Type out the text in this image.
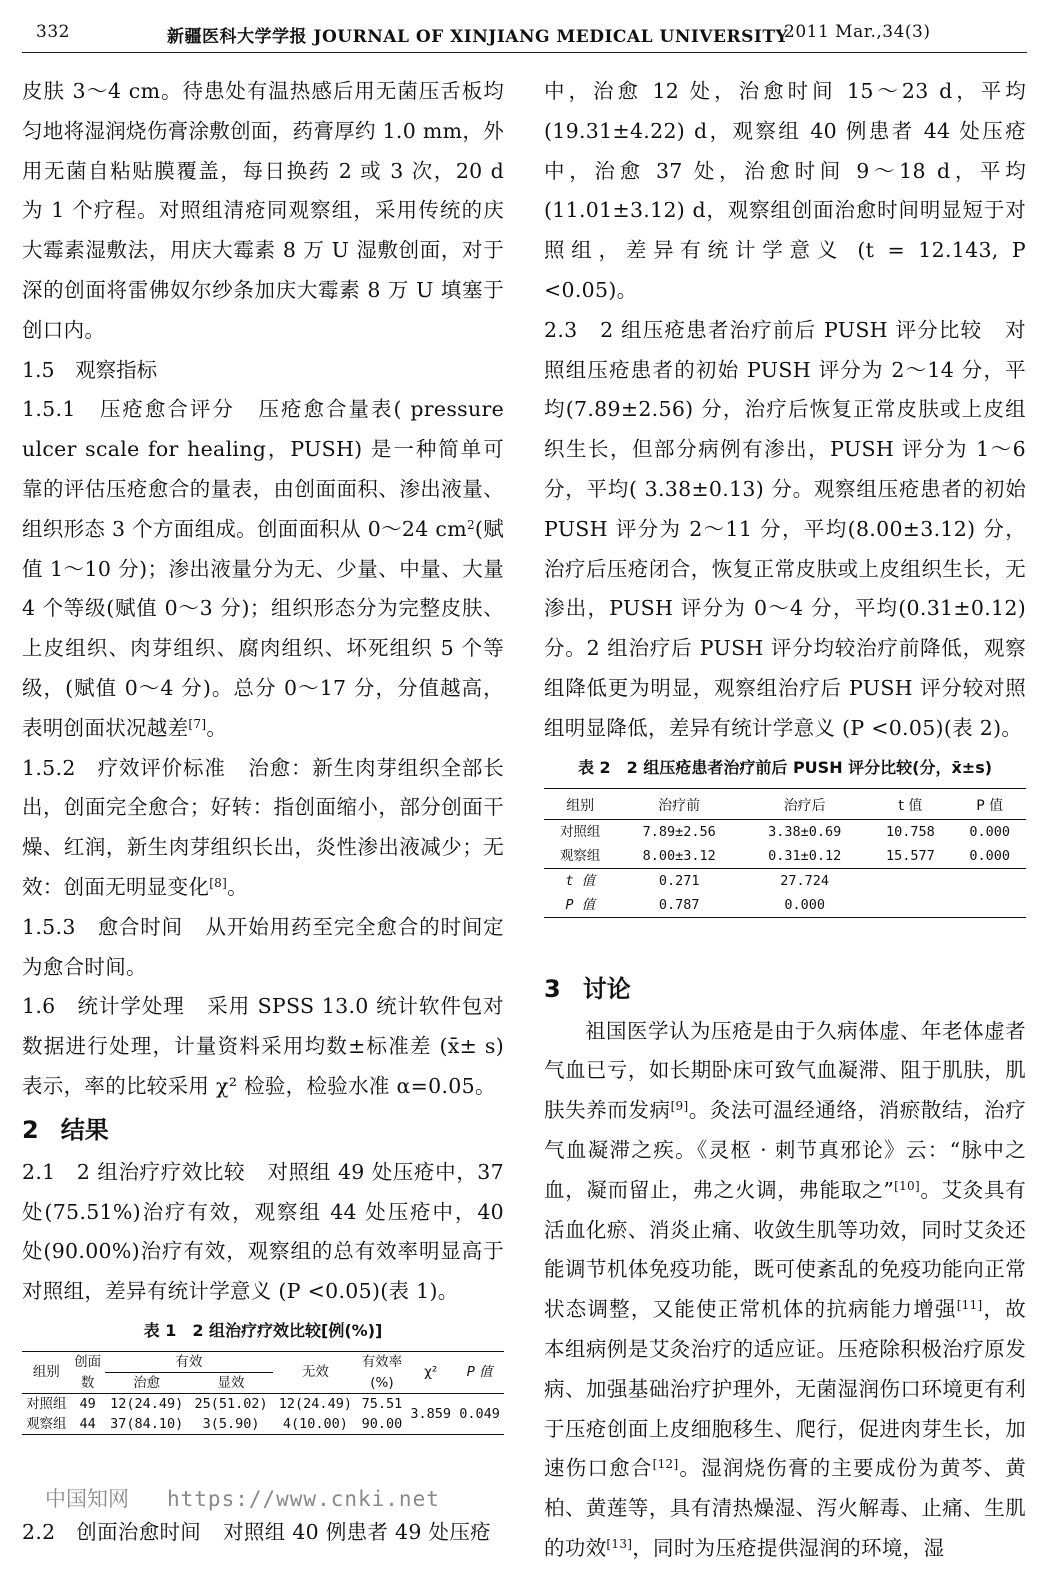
332	新疆医科大学学报 JOURNAL OF XINJIANG MEDICAL UNIVERSITY
2011 Mar.,34(3)

皮肤 3～4 cm。待患处有温热感后用无菌压舌板均匀地将湿润烧伤膏涂敷创面，药膏厚约 1.0 mm，外用无菌自粘贴膜覆盖，每日换药 2 或 3 次，20 d 为 1 个疗程。对照组清疮同观察组，采用传统的庆大霉素湿敷法，用庆大霉素 8 万 U 湿敷创面，对于深的创面将雷佛奴尔纱条加庆大霉素 8 万 U 填塞于创口内。

1.5　观察指标

1.5.1　压疮愈合评分 压疮愈合量表( pressure ulcer scale for healing，PUSH) 是一种简单可靠的评估压疮愈合的量表，由创面面积、渗出液量、组织形态 3 个方面组成。创面面积从 0～24 $cm^2$(赋值 1～10 分)；渗出液量分为无、少量、中量、大量 4 个等级(赋值 0～3 分)；组织形态分为完整皮肤、上皮组织、肉芽组织、腐肉组织、坏死组织 5 个等级，(赋值 0～4 分)。总分 0～17 分，分值越高，表明创面状况越差[7]。

1.5.2　疗效评价标准 治愈：新生肉芽组织全部长出，创面完全愈合；好转：指创面缩小，部分创面干燥、红润，新生肉芽组织长出，炎性渗出液减少；无效：创面无明显变化[8]。

1.5.3　愈合时间 从开始用药至完全愈合的时间定为愈合时间。

1.6　统计学处理 采用 SPSS 13.0 统计软件包对数据进行处理，计量资料采用均数±标准差 (x̄± s) 表示，率的比较采用 χ² 检验，检验水准 α=0.05。

2 结果

2.1　2 组治疗疗效比较 对照组 49 处压疮中，37 处(75.51%)治疗有效，观察组 44 处压疮中，40 处(90.00%)治疗有效，观察组的总有效率明显高于对照组，差异有统计学意义 (P <0.05)(表 1)。

表 1　2 组治疗疗效比较[例(%)]
组别	创面	有效		无效	有效率	χ²	P 值
	数	治愈	显效		(%)		
对照组	49	12(24.49)	25(51.02)	12(24.49)	75.51	3.859	0.049
观察组	44	37(84.10)	3(5.90)	4(10.00)	90.00		

2.2　创面治愈时间 对照组 40 例患者 49 处压疮

中，治愈 12 处，治愈时间 15～23 d，平均(19.31±4.22) d，观察组 40 例患者 44 处压疮中，治愈 37 处，治愈时间 9～18 d，平均(11.01±3.12) d，观察组创面治愈时间明显短于对照组，差异有统计学意义 (t = 12.143, P <0.05)。

2.3　2 组压疮患者治疗前后 PUSH 评分比较 对照组压疮患者的初始 PUSH 评分为 2～14 分，平均(7.89±2.56) 分，治疗后恢复正常皮肤或上皮组织生长，但部分病例有渗出，PUSH 评分为 1～6 分，平均( 3.38±0.13) 分。观察组压疮患者的初始 PUSH 评分为 2～11 分，平均(8.00±3.12) 分，治疗后压疮闭合，恢复正常皮肤或上皮组织生长，无渗出，PUSH 评分为 0～4 分，平均(0.31±0.12)分。2 组治疗后 PUSH 评分均较治疗前降低，观察组降低更为明显，观察组治疗后 PUSH 评分较对照组明显降低，差异有统计学意义 (P <0.05)(表 2)。

表 2　2 组压疮患者治疗前后 PUSH 评分比较(分，x̄±s)
组别	治疗前	治疗后	t 值	P 值
对照组	7.89±2.56	3.38±0.69	10.758	0.000
观察组	8.00±3.12	0.31±0.12	15.577	0.000
t 值	0.271	27.724		
P 值	0.787	0.000		
3 讨论

祖国医学认为压疮是由于久病体虚、年老体虚者气血已亏，如长期卧床可致气血凝滞、阻于肌肤，肌肤失养而发病[9]。灸法可温经通络，消瘀散结，治疗气血凝滞之疾。《灵枢 · 刺节真邪论》云：“脉中之血，凝而留止，弗之火调，弗能取之”[10]。艾灸具有活血化瘀、消炎止痛、收敛生肌等功效，同时艾灸还能调节机体免疫功能，既可使紊乱的免疫功能向正常状态调整，又能使正常机体的抗病能力增强[11]，故本组病例是艾灸治疗的适应证。压疮除积极治疗原发病、加强基础治疗护理外，无菌湿润伤口环境更有利于压疮创面上皮细胞移生、爬行，促进肉芽生长，加速伤口愈合[12]。湿润烧伤膏的主要成份为黄芩、黄柏、黄莲等，具有清热燥湿、泻火解毒、止痛、生肌的功效[13]，同时为压疮提供湿润的环境，湿

中国知网 https://www.cnki.net
